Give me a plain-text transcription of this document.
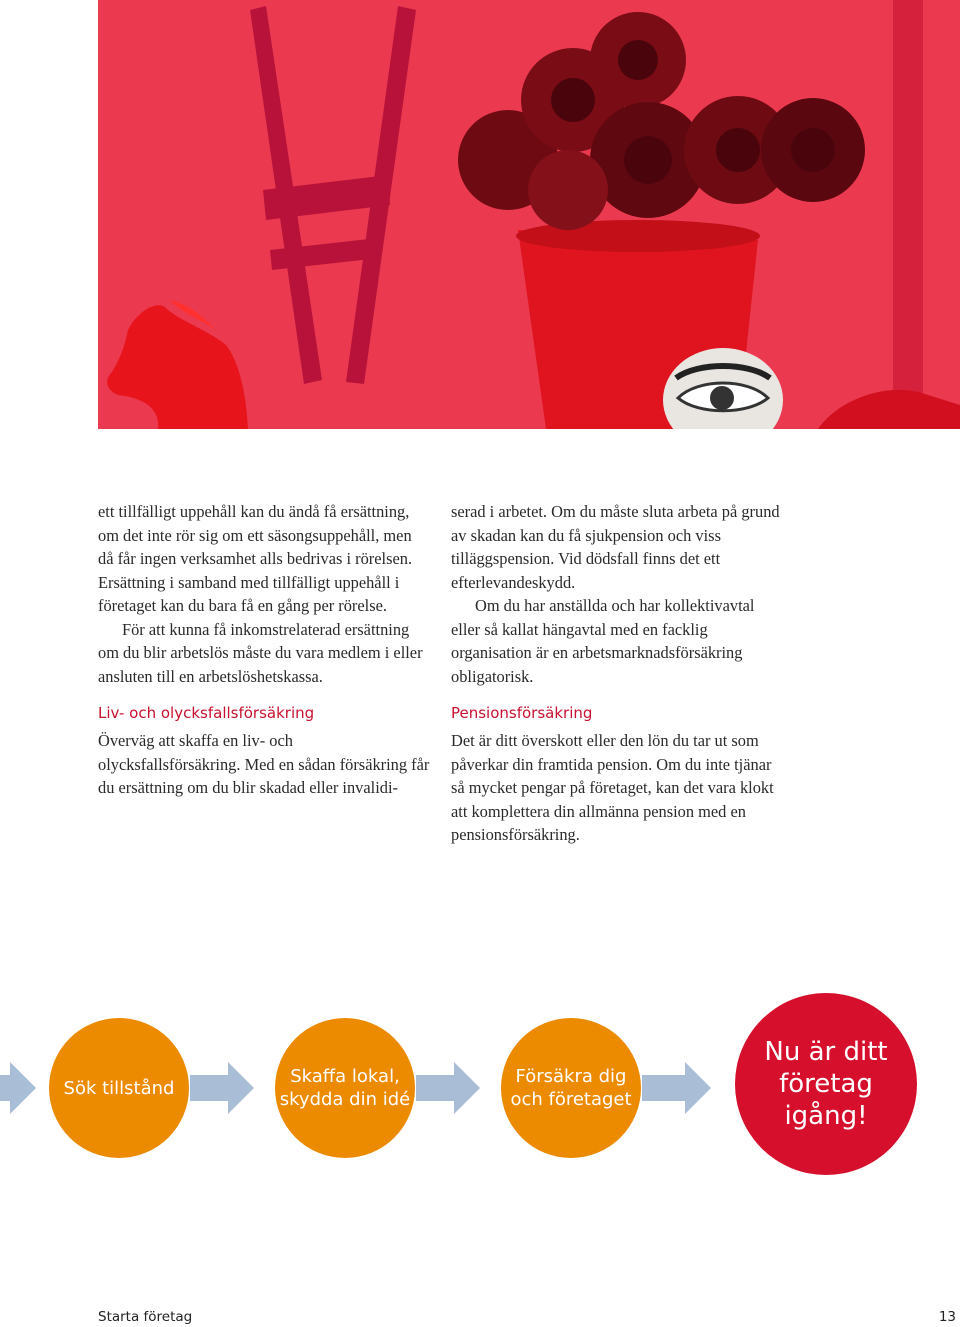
ett tillfälligt uppehåll kan du ändå få ersättning, om det inte rör sig om ett säsongsuppehåll, men då får ingen verksamhet alls bedrivas i rörelsen. Ersättning i samband med tillfälligt uppehåll i företaget kan du bara få en gång per rörelse.

För att kunna få inkomstrelaterad ersättning om du blir arbetslös måste du vara medlem i eller ansluten till en arbetslöshetskassa.

Liv- och olycksfallsförsäkring

Överväg att skaffa en liv- och olycksfallsförsäkring. Med en sådan försäkring får du ersättning om du blir skadad eller invalidi-

serad i arbetet. Om du måste sluta arbeta på grund av skadan kan du få sjukpension och viss tilläggspension. Vid dödsfall finns det ett efterlevandeskydd.

Om du har anställda och har kollektivavtal eller så kallat hängavtal med en facklig organisation är en arbetsmarknadsförsäkring obligatorisk.

Pensionsförsäkring

Det är ditt överskott eller den lön du tar ut som påverkar din framtida pension. Om du inte tjänar så mycket pengar på företaget, kan det vara klokt att komplettera din allmänna pension med en pensionsförsäkring.

Sök tillstånd
Skaffa lokal, skydda din idé
Försäkra dig och företaget
Nu är ditt företag igång!
Starta företag	13
